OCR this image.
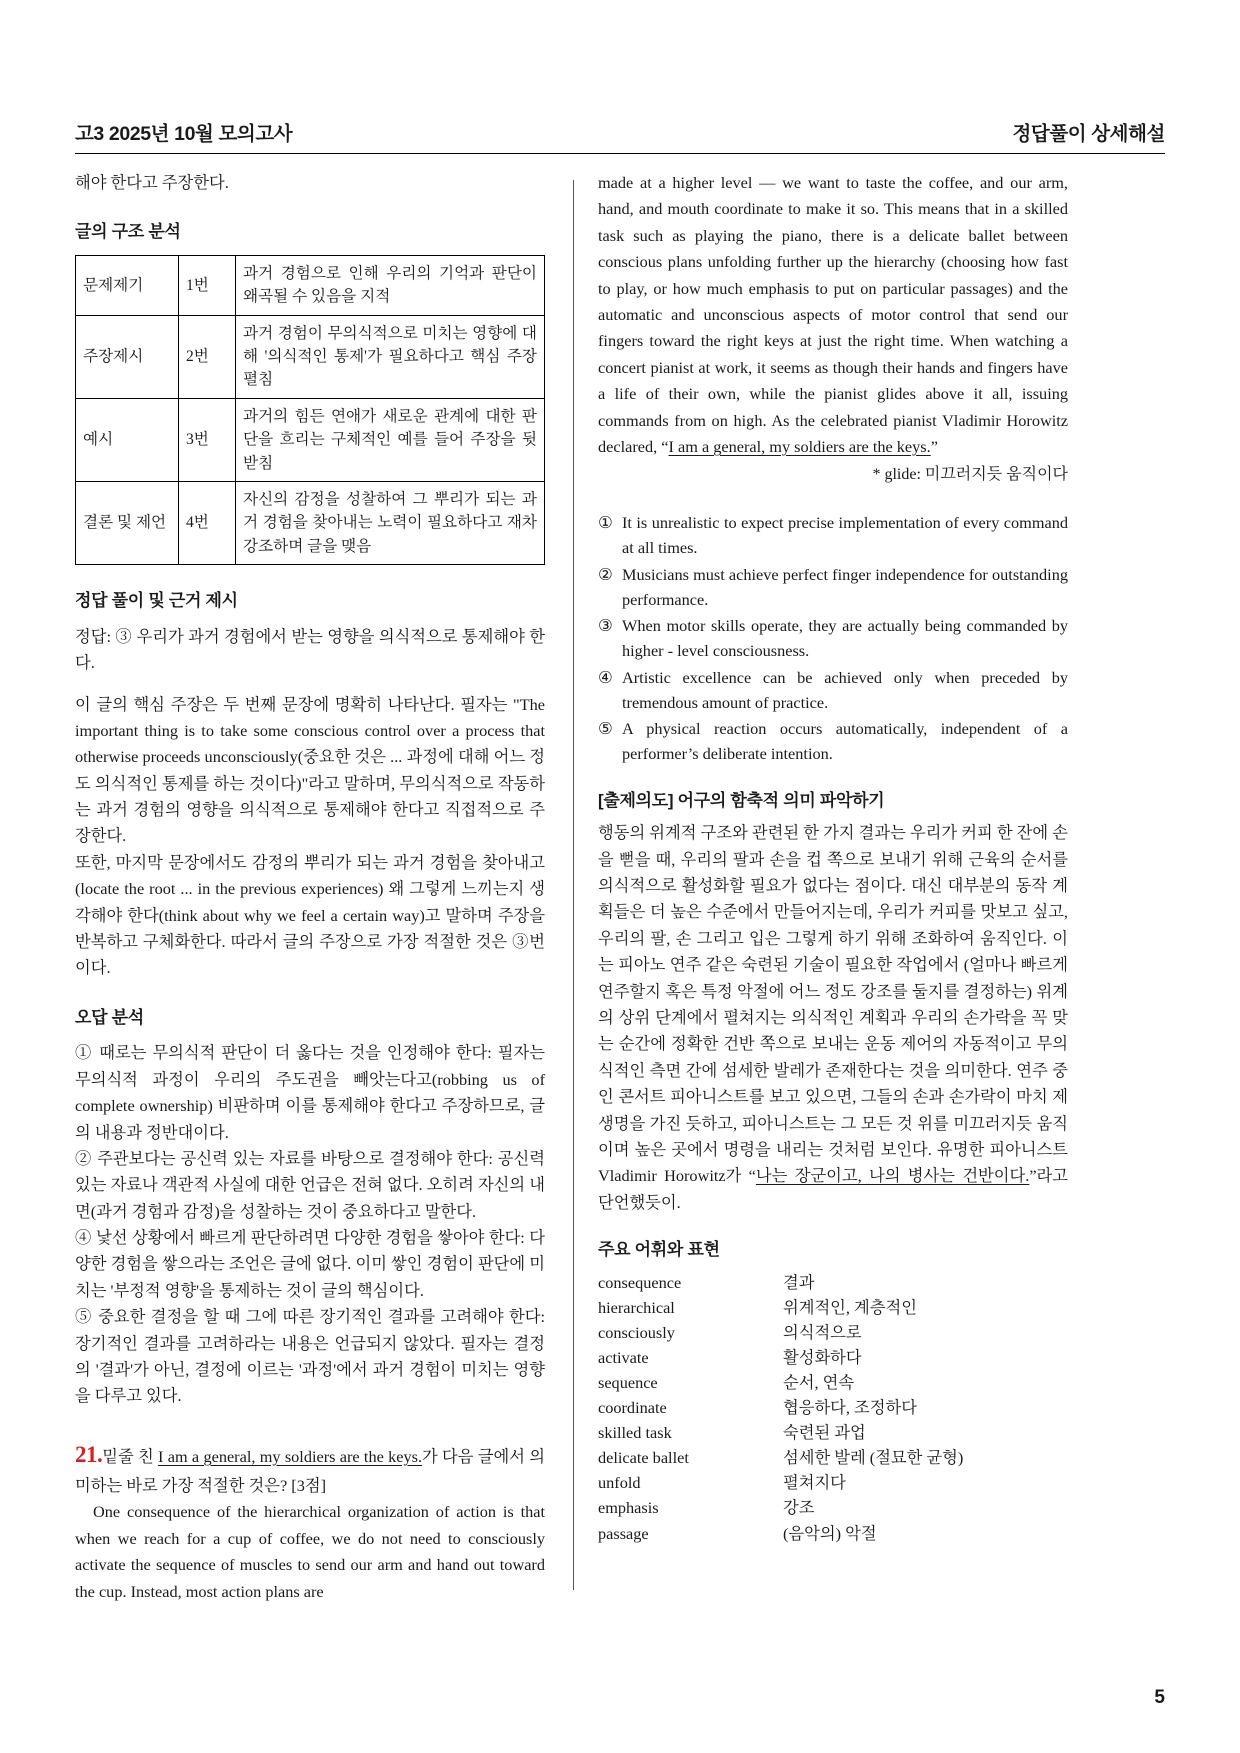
고3 2025년 10월 모의고사	정답풀이 상세해설

해야 한다고 주장한다.

글의 구조 분석
문제제기	1번	과거 경험으로 인해 우리의 기억과 판단이 왜곡될 수 있음을 지적
주장제시	2번	과거 경험이 무의식적으로 미치는 영향에 대해 '의식적인 통제'가 필요하다고 핵심 주장 펼침
예시	3번	과거의 힘든 연애가 새로운 관계에 대한 판단을 흐리는 구체적인 예를 들어 주장을 뒷받침
결론 및 제언	4번	자신의 감정을 성찰하여 그 뿌리가 되는 과거 경험을 찾아내는 노력이 필요하다고 재차 강조하며 글을 맺음
정답 풀이 및 근거 제시

정답: ③ 우리가 과거 경험에서 받는 영향을 의식적으로 통제해야 한다.

이 글의 핵심 주장은 두 번째 문장에 명확히 나타난다. 필자는 "The important thing is to take some conscious control over a process that otherwise proceeds unconsciously(중요한 것은 ... 과정에 대해 어느 정도 의식적인 통제를 하는 것이다)"라고 말하며, 무의식적으로 작동하는 과거 경험의 영향을 의식적으로 통제해야 한다고 직접적으로 주장한다.

또한, 마지막 문장에서도 감정의 뿌리가 되는 과거 경험을 찾아내고(locate the root ... in the previous experiences) 왜 그렇게 느끼는지 생각해야 한다(think about why we feel a certain way)고 말하며 주장을 반복하고 구체화한다. 따라서 글의 주장으로 가장 적절한 것은 ③번이다.

오답 분석

① 때로는 무의식적 판단이 더 옳다는 것을 인정해야 한다: 필자는 무의식적 과정이 우리의 주도권을 빼앗는다고(robbing us of complete ownership) 비판하며 이를 통제해야 한다고 주장하므로, 글의 내용과 정반대이다.

② 주관보다는 공신력 있는 자료를 바탕으로 결정해야 한다: 공신력 있는 자료나 객관적 사실에 대한 언급은 전혀 없다. 오히려 자신의 내면(과거 경험과 감정)을 성찰하는 것이 중요하다고 말한다.

④ 낯선 상황에서 빠르게 판단하려면 다양한 경험을 쌓아야 한다: 다양한 경험을 쌓으라는 조언은 글에 없다. 이미 쌓인 경험이 판단에 미치는 '부정적 영향'을 통제하는 것이 글의 핵심이다.

⑤ 중요한 결정을 할 때 그에 따른 장기적인 결과를 고려해야 한다: 장기적인 결과를 고려하라는 내용은 언급되지 않았다. 필자는 결정의 '결과'가 아닌, 결정에 이르는 '과정'에서 과거 경험이 미치는 영향을 다루고 있다.

21.밑줄 친 I am a general, my soldiers are the keys.가 다음 글에서 의미하는 바로 가장 적절한 것은? [3점]

One consequence of the hierarchical organization of action is that when we reach for a cup of coffee, we do not need to consciously activate the sequence of muscles to send our arm and hand out toward the cup. Instead, most action plans are

made at a higher level ― we want to taste the coffee, and our arm, hand, and mouth coordinate to make it so. This means that in a skilled task such as playing the piano, there is a delicate ballet between conscious plans unfolding further up the hierarchy (choosing how fast to play, or how much emphasis to put on particular passages) and the automatic and unconscious aspects of motor control that send our fingers toward the right keys at just the right time. When watching a concert pianist at work, it seems as though their hands and fingers have a life of their own, while the pianist glides above it all, issuing commands from on high. As the celebrated pianist Vladimir Horowitz declared, “I am a general, my soldiers are the keys.”

* glide: 미끄러지듯 움직이다

① It is unrealistic to expect precise implementation of every command at all times.
② Musicians must achieve perfect finger independence for outstanding performance.
③ When motor skills operate, they are actually being commanded by higher - level consciousness.
④ Artistic excellence can be achieved only when preceded by tremendous amount of practice.
⑤ A physical reaction occurs automatically, independent of a performer’s deliberate intention.
[출제의도] 어구의 함축적 의미 파악하기

행동의 위계적 구조와 관련된 한 가지 결과는 우리가 커피 한 잔에 손을 뻗을 때, 우리의 팔과 손을 컵 쪽으로 보내기 위해 근육의 순서를 의식적으로 활성화할 필요가 없다는 점이다. 대신 대부분의 동작 계획들은 더 높은 수준에서 만들어지는데, 우리가 커피를 맛보고 싶고, 우리의 팔, 손 그리고 입은 그렇게 하기 위해 조화하여 움직인다. 이는 피아노 연주 같은 숙련된 기술이 필요한 작업에서 (얼마나 빠르게 연주할지 혹은 특정 악절에 어느 정도 강조를 둘지를 결정하는) 위계의 상위 단계에서 펼쳐지는 의식적인 계획과 우리의 손가락을 꼭 맞는 순간에 정확한 건반 쪽으로 보내는 운동 제어의 자동적이고 무의식적인 측면 간에 섬세한 발레가 존재한다는 것을 의미한다. 연주 중인 콘서트 피아니스트를 보고 있으면, 그들의 손과 손가락이 마치 제 생명을 가진 듯하고, 피아니스트는 그 모든 것 위를 미끄러지듯 움직이며 높은 곳에서 명령을 내리는 것처럼 보인다. 유명한 피아니스트 Vladimir Horowitz가 “나는 장군이고, 나의 병사는 건반이다.”라고 단언했듯이.

주요 어휘와 표현
consequence	결과
hierarchical	위계적인, 계층적인
consciously	의식적으로
activate	활성화하다
sequence	순서, 연속
coordinate	협응하다, 조정하다
skilled task	숙련된 과업
delicate ballet	섬세한 발레 (절묘한 균형)
unfold	펼쳐지다
emphasis	강조
passage	(음악의) 악절
5
